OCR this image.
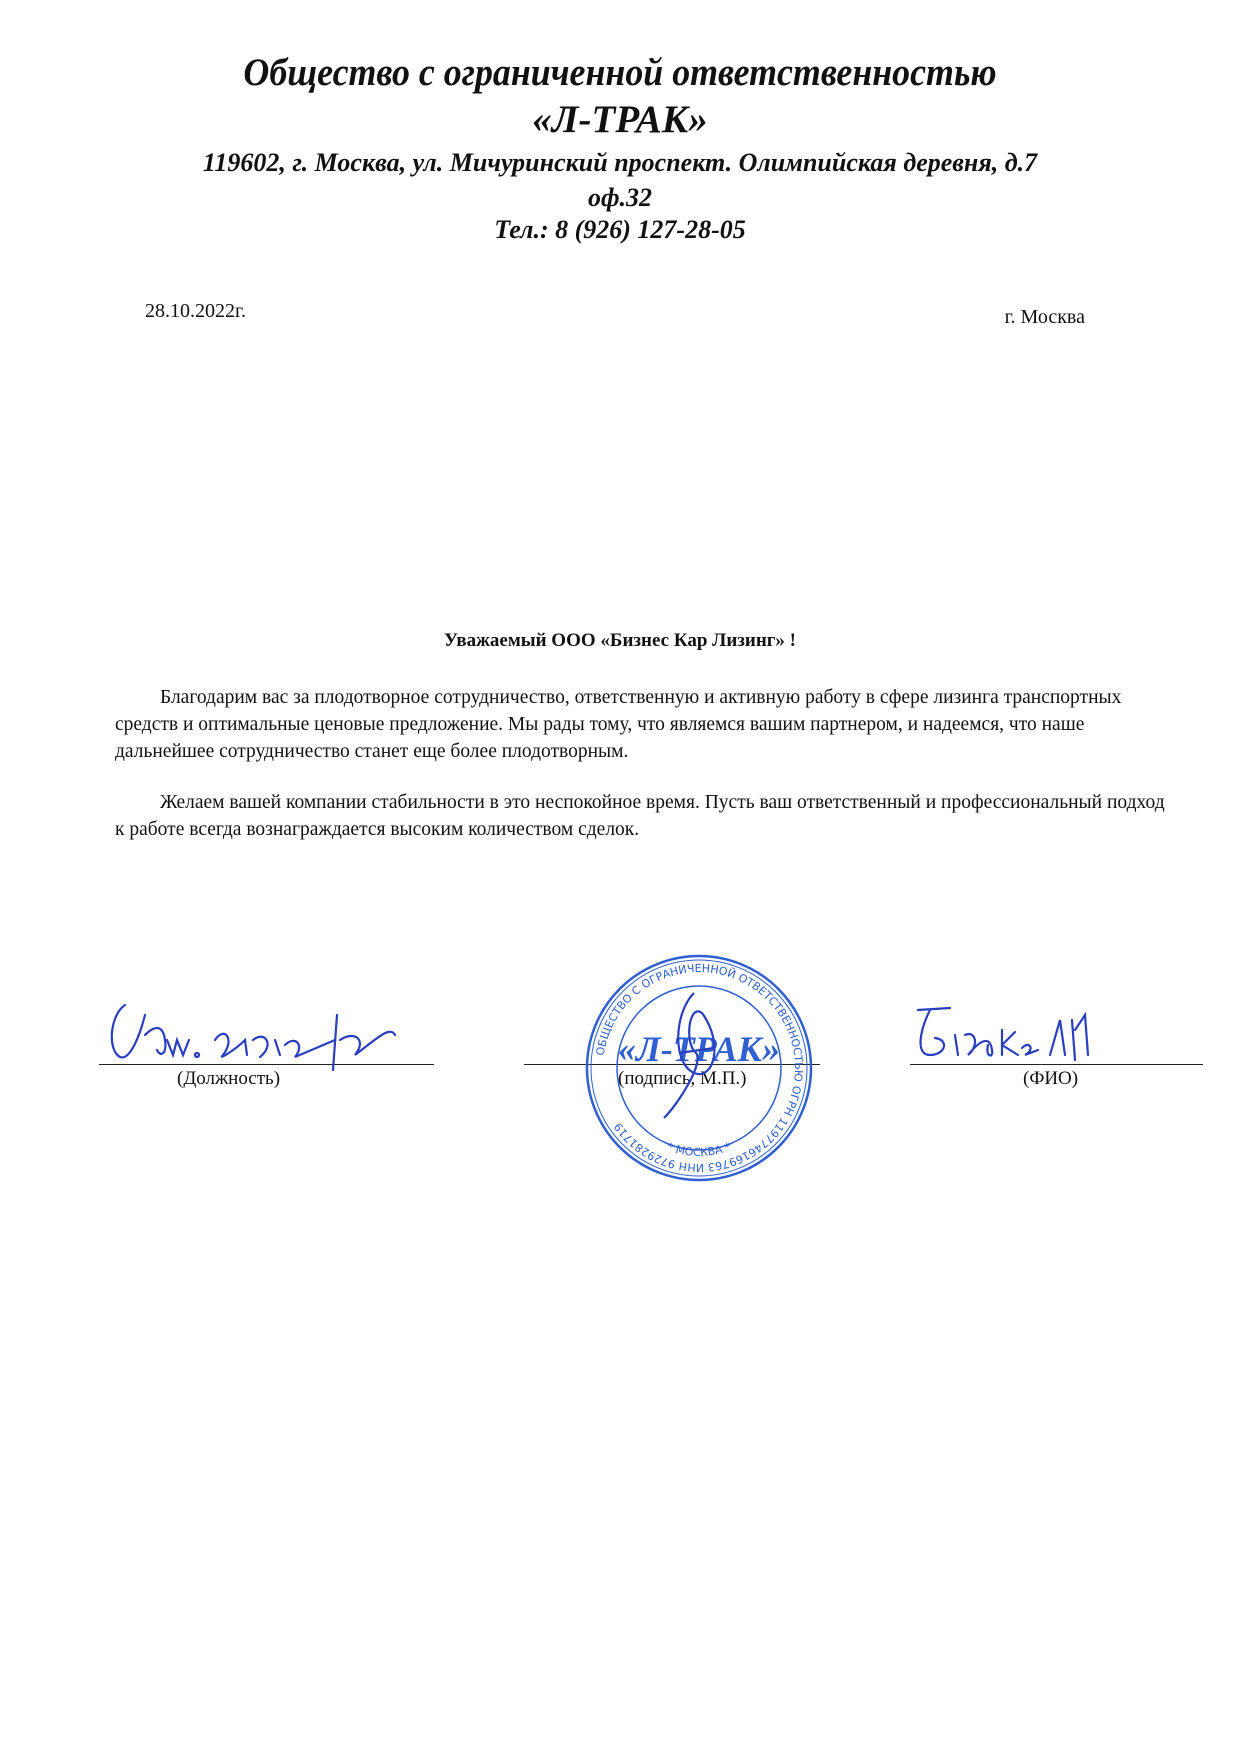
Общество с ограниченной ответственностью
«Л-ТРАК»
119602, г. Москва, ул. Мичуринский проспект. Олимпийская деревня, д.7
оф.32
Тел.: 8 (926) 127-28-05
28.10.2022г.	г. Москва
Уважаемый ООО «Бизнес Кар Лизинг» !
Благодарим вас за плодотворное сотрудничество, ответственную и активную работу в сфере лизинга транспортных средств и оптимальные ценовые предложение. Мы рады тому, что являемся вашим партнером, и надеемся, что наше дальнейшее сотрудничество станет еще более плодотворным.
Желаем вашей компании стабильности в это неспокойное время. Пусть ваш ответственный и профессиональный подход к работе всегда вознаграждается высоким количеством сделок.
(Должность)	(подпись, М.П.)	(ФИО)
ОБЩЕСТВО С ОГРАНИЧЕННОЙ ОТВЕТСТВЕННОСТЬЮ ОГРН 1197746169763 ИНН 9729281719
* МОСКВА *
«Л-ТРАК»
